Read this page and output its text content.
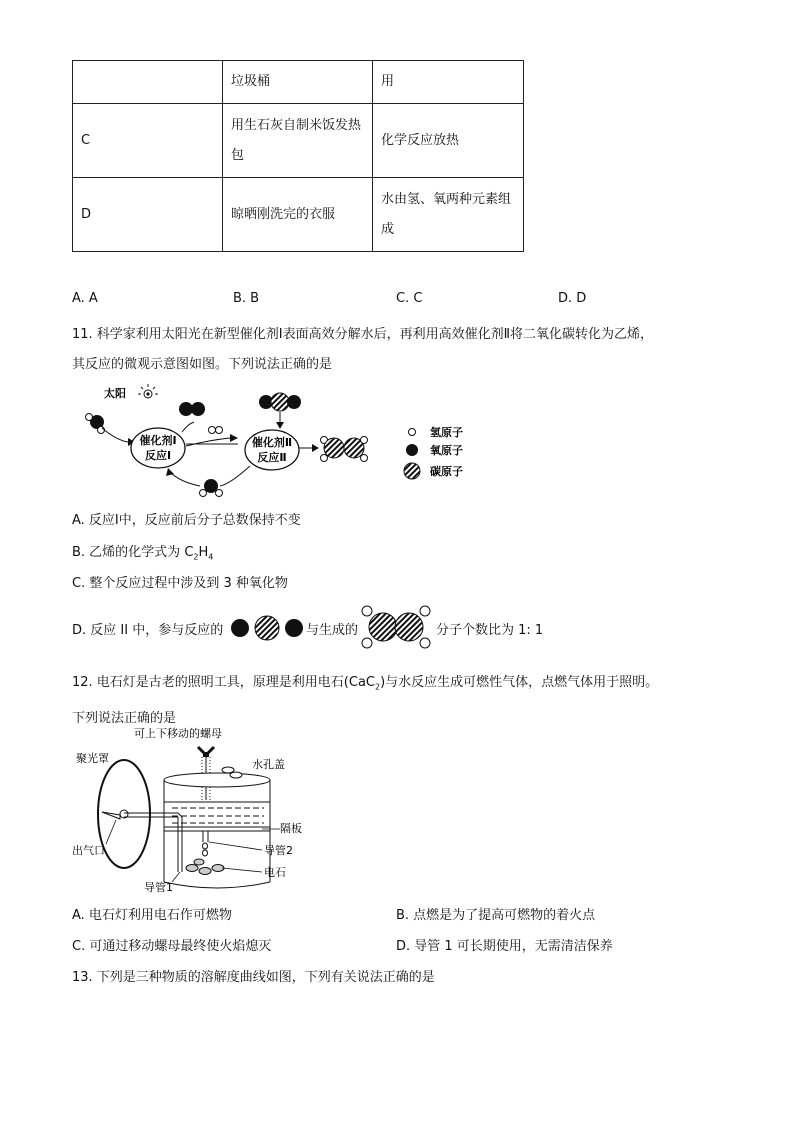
	垃圾桶	用
C	用生石灰自制米饭发热包	化学反应放热
D	晾晒刚洗完的衣服	水由氢、氧两种元素组成
A. A	B. B	C. C	D. D
11. 科学家利用太阳光在新型催化剂Ⅰ表面高效分解水后，再利用高效催化剂Ⅱ将二氧化碳转化为乙烯，
其反应的微观示意图如图。下列说法正确的是
太阳
催化剂Ⅰ
反应Ⅰ
催化剂Ⅱ
反应Ⅱ
氢原子
氧原子
碳原子
A. 反应Ⅰ中，反应前后分子总数保持不变
B. 乙烯的化学式为 $C_2H_4$
C. 整个反应过程中涉及到 3 种氧化物
D. 反应 II 中，参与反应的	与生成的	分子个数比为 1: 1
12. 电石灯是古老的照明工具，原理是利用电石(CaC$_2$)与水反应生成可燃性气体，点燃气体用于照明。
下列说法正确的是
可上下移动的螺母
水孔盖
聚光罩
出气口
隔板
导管2
电石
导管1
A. 电石灯利用电石作可燃物	B. 点燃是为了提高可燃物的着火点
C. 可通过移动螺母最终使火焰熄灭	D. 导管 1 可长期使用，无需清洁保养
13. 下列是三种物质的溶解度曲线如图，下列有关说法正确的是
